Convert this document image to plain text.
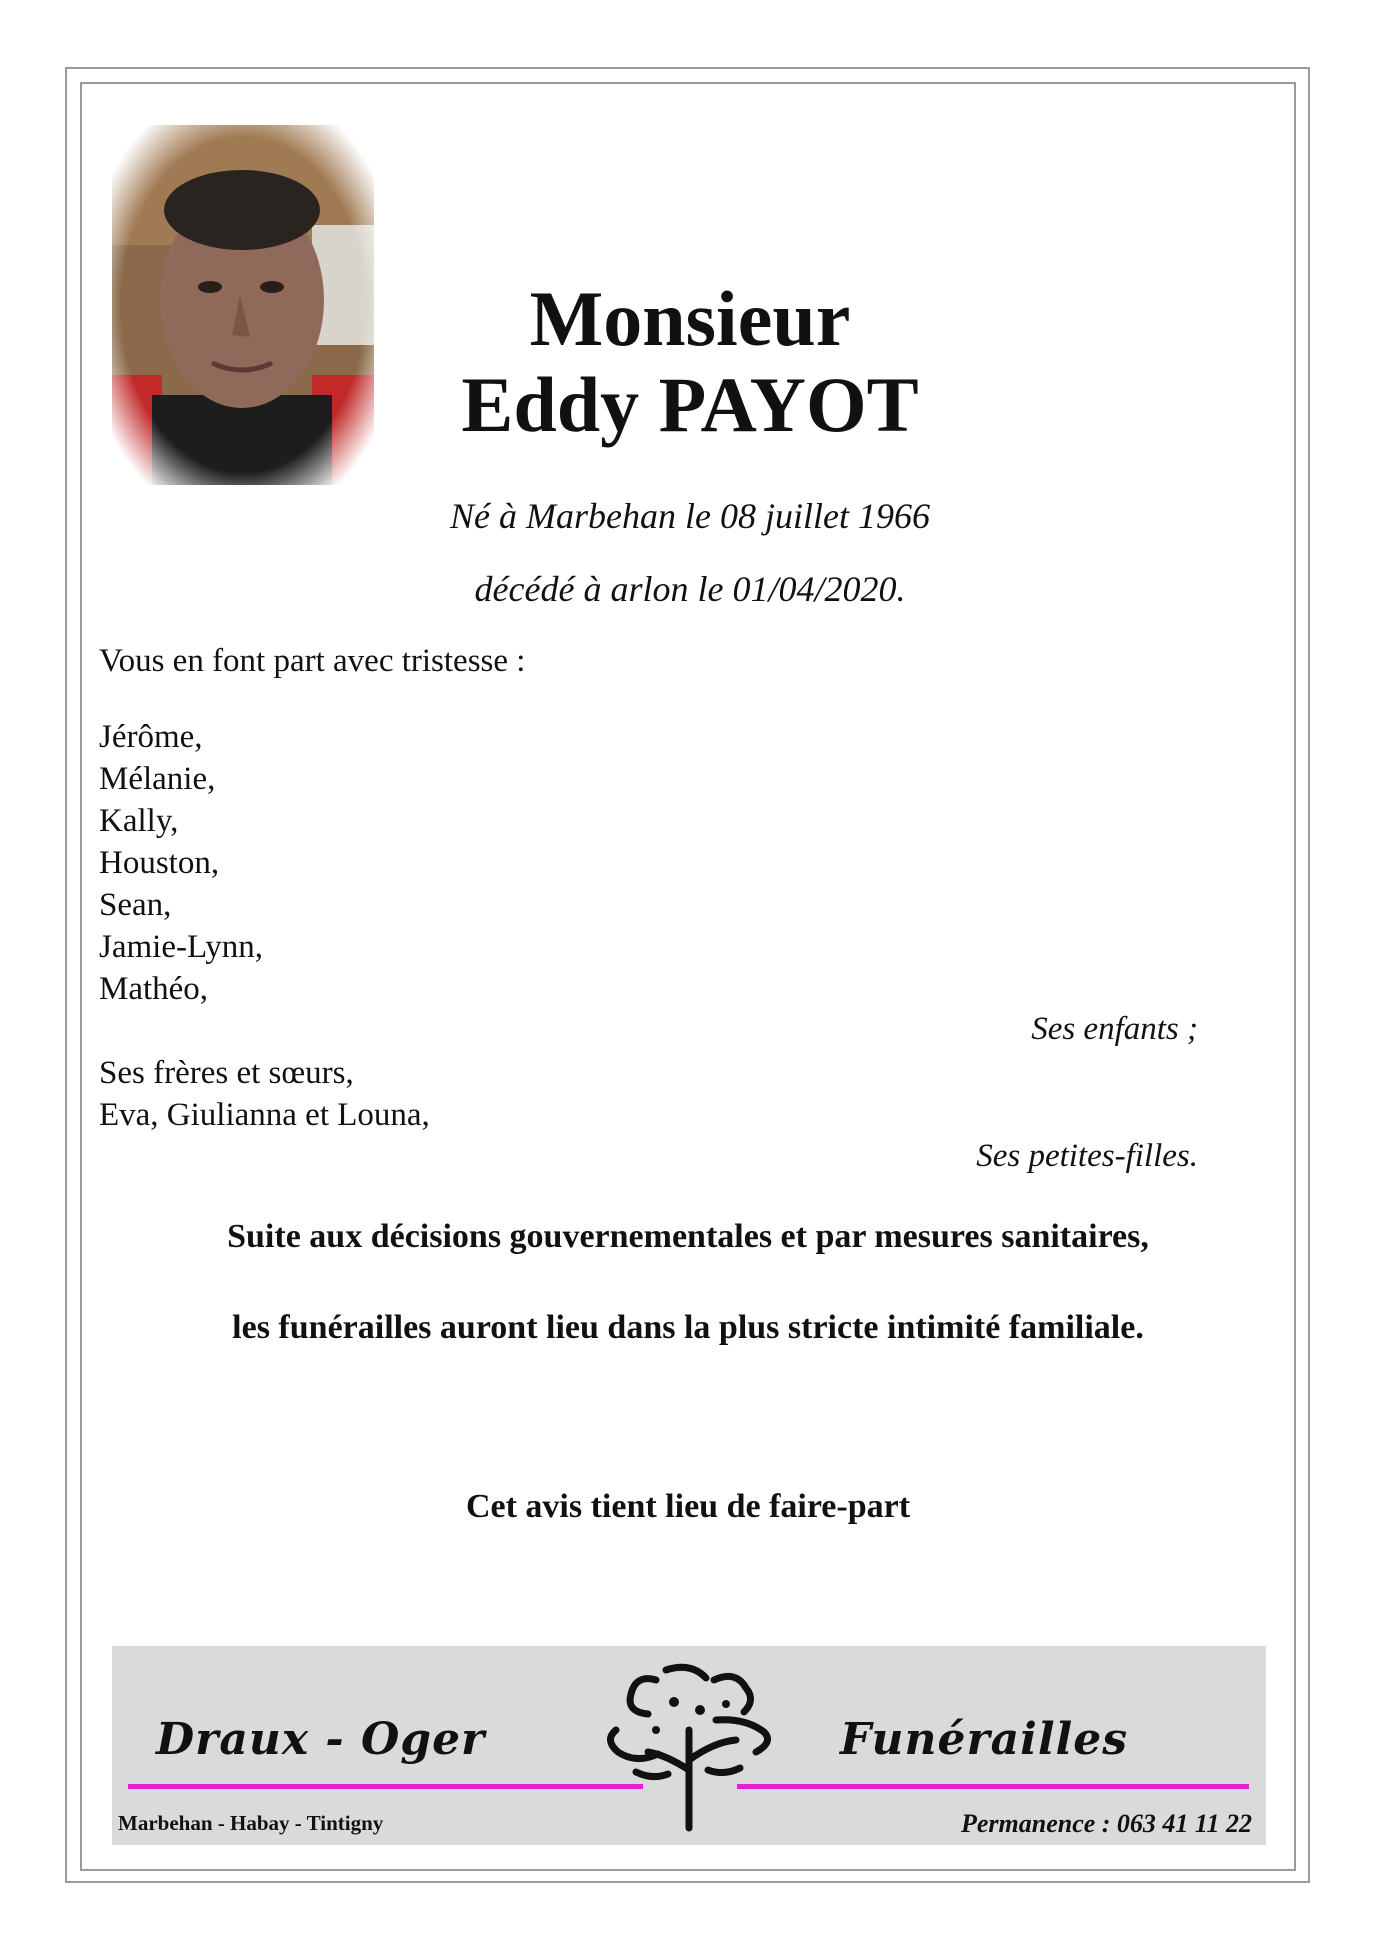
Monsieur
Eddy PAYOT
Né à Marbehan le 08 juillet 1966
décédé à arlon le 01/04/2020.
Vous en font part avec tristesse :
Jérôme,
Mélanie,
Kally,
Houston,
Sean,
Jamie-Lynn,
Mathéo,
Ses enfants ;
Ses frères et sœurs,
Eva, Giulianna et Louna,
Ses petites-filles.
Suite aux décisions gouvernementales et par mesures sanitaires,
les funérailles auront lieu dans la plus stricte intimité familiale.
Cet avis tient lieu de faire-part
Draux - Oger	Funérailles
Marbehan - Habay - Tintigny	Permanence : 063 41 11 22
